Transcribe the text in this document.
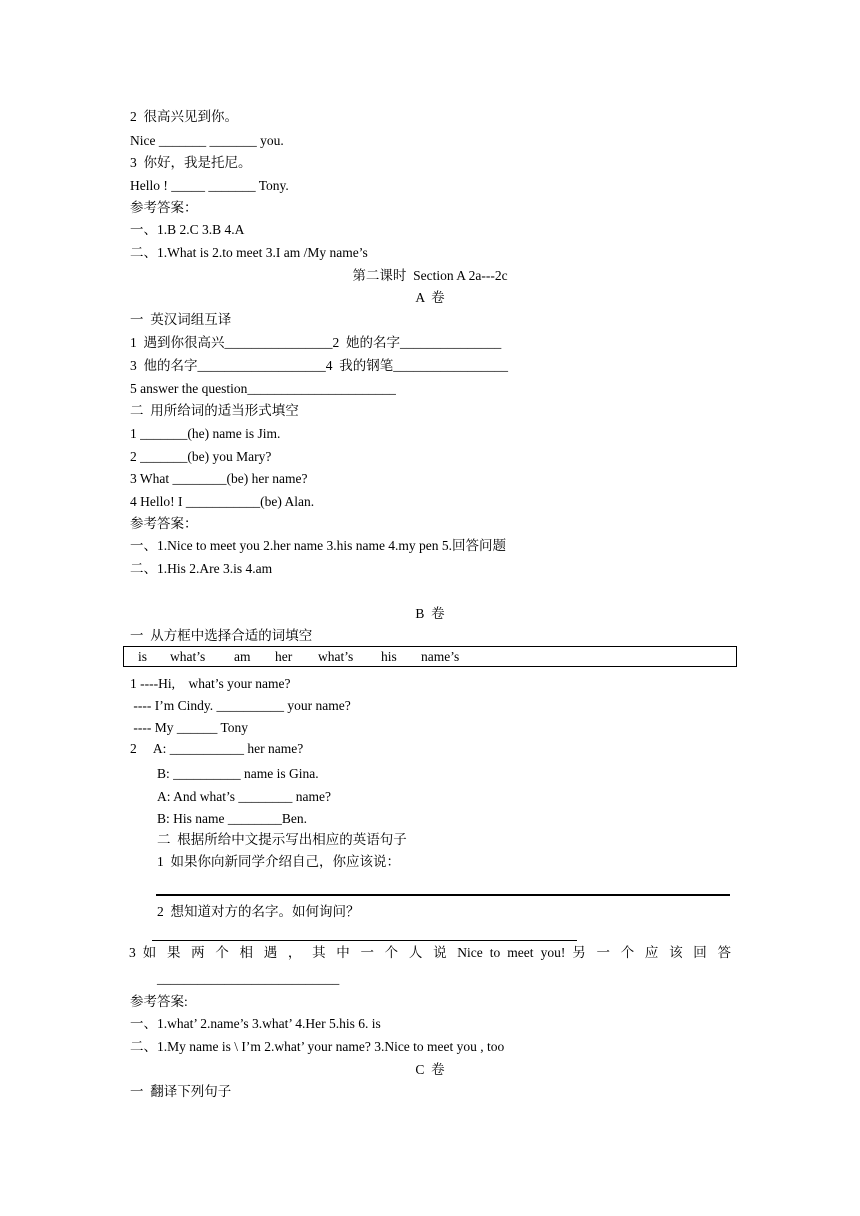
2  很高兴见到你。
Nice _______ _______ you.
3  你好，我是托尼。
Hello ! _____ _______ Tony.
参考答案：
一、1.B 2.C 3.B 4.A
二、1.What is 2.to meet 3.I am /My name’s
第二课时  Section A 2a---2c
A  卷
一  英汉词组互译
1  遇到你很高兴________________2  她的名字_______________
3  他的名字___________________4  我的钢笔_________________
5 answer the question______________________
二  用所给词的适当形式填空
1 _______(he) name is Jim.
2 _______(be) you Mary?
3 What ________(be) her name?
4 Hello! I ___________(be) Alan.
参考答案：
一、1.Nice to meet you 2.her name 3.his name 4.my pen 5.回答问题
二、1.His 2.Are 3.is 4.am
B  卷
一  从方框中选择合适的词填空
is what’s am her what’s his name’s
1 ----Hi,    what’s your name?
---- I’m Cindy. __________ your name?
---- My ______ Tony
2     A: ___________ her name?
B: __________ name is Gina.
A: And what’s ________ name?
B: His name ________Ben.
二  根据所给中文提示写出相应的英语句子
1  如果你向新同学介绍自己，你应该说：
2  想知道对方的名字。如何询问？
3 如 果 两 个 相 遇 ， 其 中 一 个 人 说 Nice to meet you! 另 一 个 应 该 回 答
___________________________
参考答案:
一、1.what’ 2.name’s 3.what’ 4.Her 5.his 6. is
二、1.My name is \ I’m 2.what’ your name? 3.Nice to meet you , too
C  卷
一  翻译下列句子
